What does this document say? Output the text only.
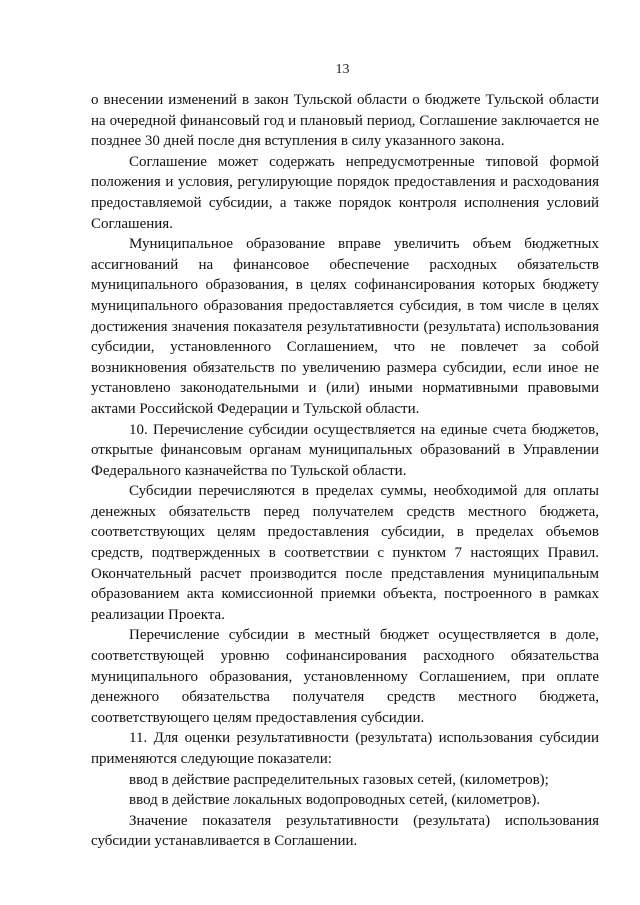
13

о внесении изменений в закон Тульской области о бюджете Тульской области на очередной финансовый год и плановый период, Соглашение заключается не позднее 30 дней после дня вступления в силу указанного закона.

Соглашение может содержать непредусмотренные типовой формой положения и условия, регулирующие порядок предоставления и расходования предоставляемой субсидии, а также порядок контроля исполнения условий Соглашения.

Муниципальное образование вправе увеличить объем бюджетных ассигнований на финансовое обеспечение расходных обязательств муниципального образования, в целях софинансирования которых бюджету муниципального образования предоставляется субсидия, в том числе в целях достижения значения показателя результативности (результата) использования субсидии, установленного Соглашением, что не повлечет за собой возникновения обязательств по увеличению размера субсидии, если иное не установлено законодательными и (или) иными нормативными правовыми актами Российской Федерации и Тульской области.

10. Перечисление субсидии осуществляется на единые счета бюджетов, открытые финансовым органам муниципальных образований в Управлении Федерального казначейства по Тульской области.

Субсидии перечисляются в пределах суммы, необходимой для оплаты денежных обязательств перед получателем средств местного бюджета, соответствующих целям предоставления субсидии, в пределах объемов средств, подтвержденных в соответствии с пунктом 7 настоящих Правил. Окончательный расчет производится после представления муниципальным образованием акта комиссионной приемки объекта, построенного в рамках реализации Проекта.

Перечисление субсидии в местный бюджет осуществляется в доле, соответствующей уровню софинансирования расходного обязательства муниципального образования, установленному Соглашением, при оплате денежного обязательства получателя средств местного бюджета, соответствующего целям предоставления субсидии.

11. Для оценки результативности (результата) использования субсидии применяются следующие показатели:

ввод в действие распределительных газовых сетей, (километров);

ввод в действие локальных водопроводных сетей, (километров).

Значение показателя результативности (результата) использования субсидии устанавливается в Соглашении.
